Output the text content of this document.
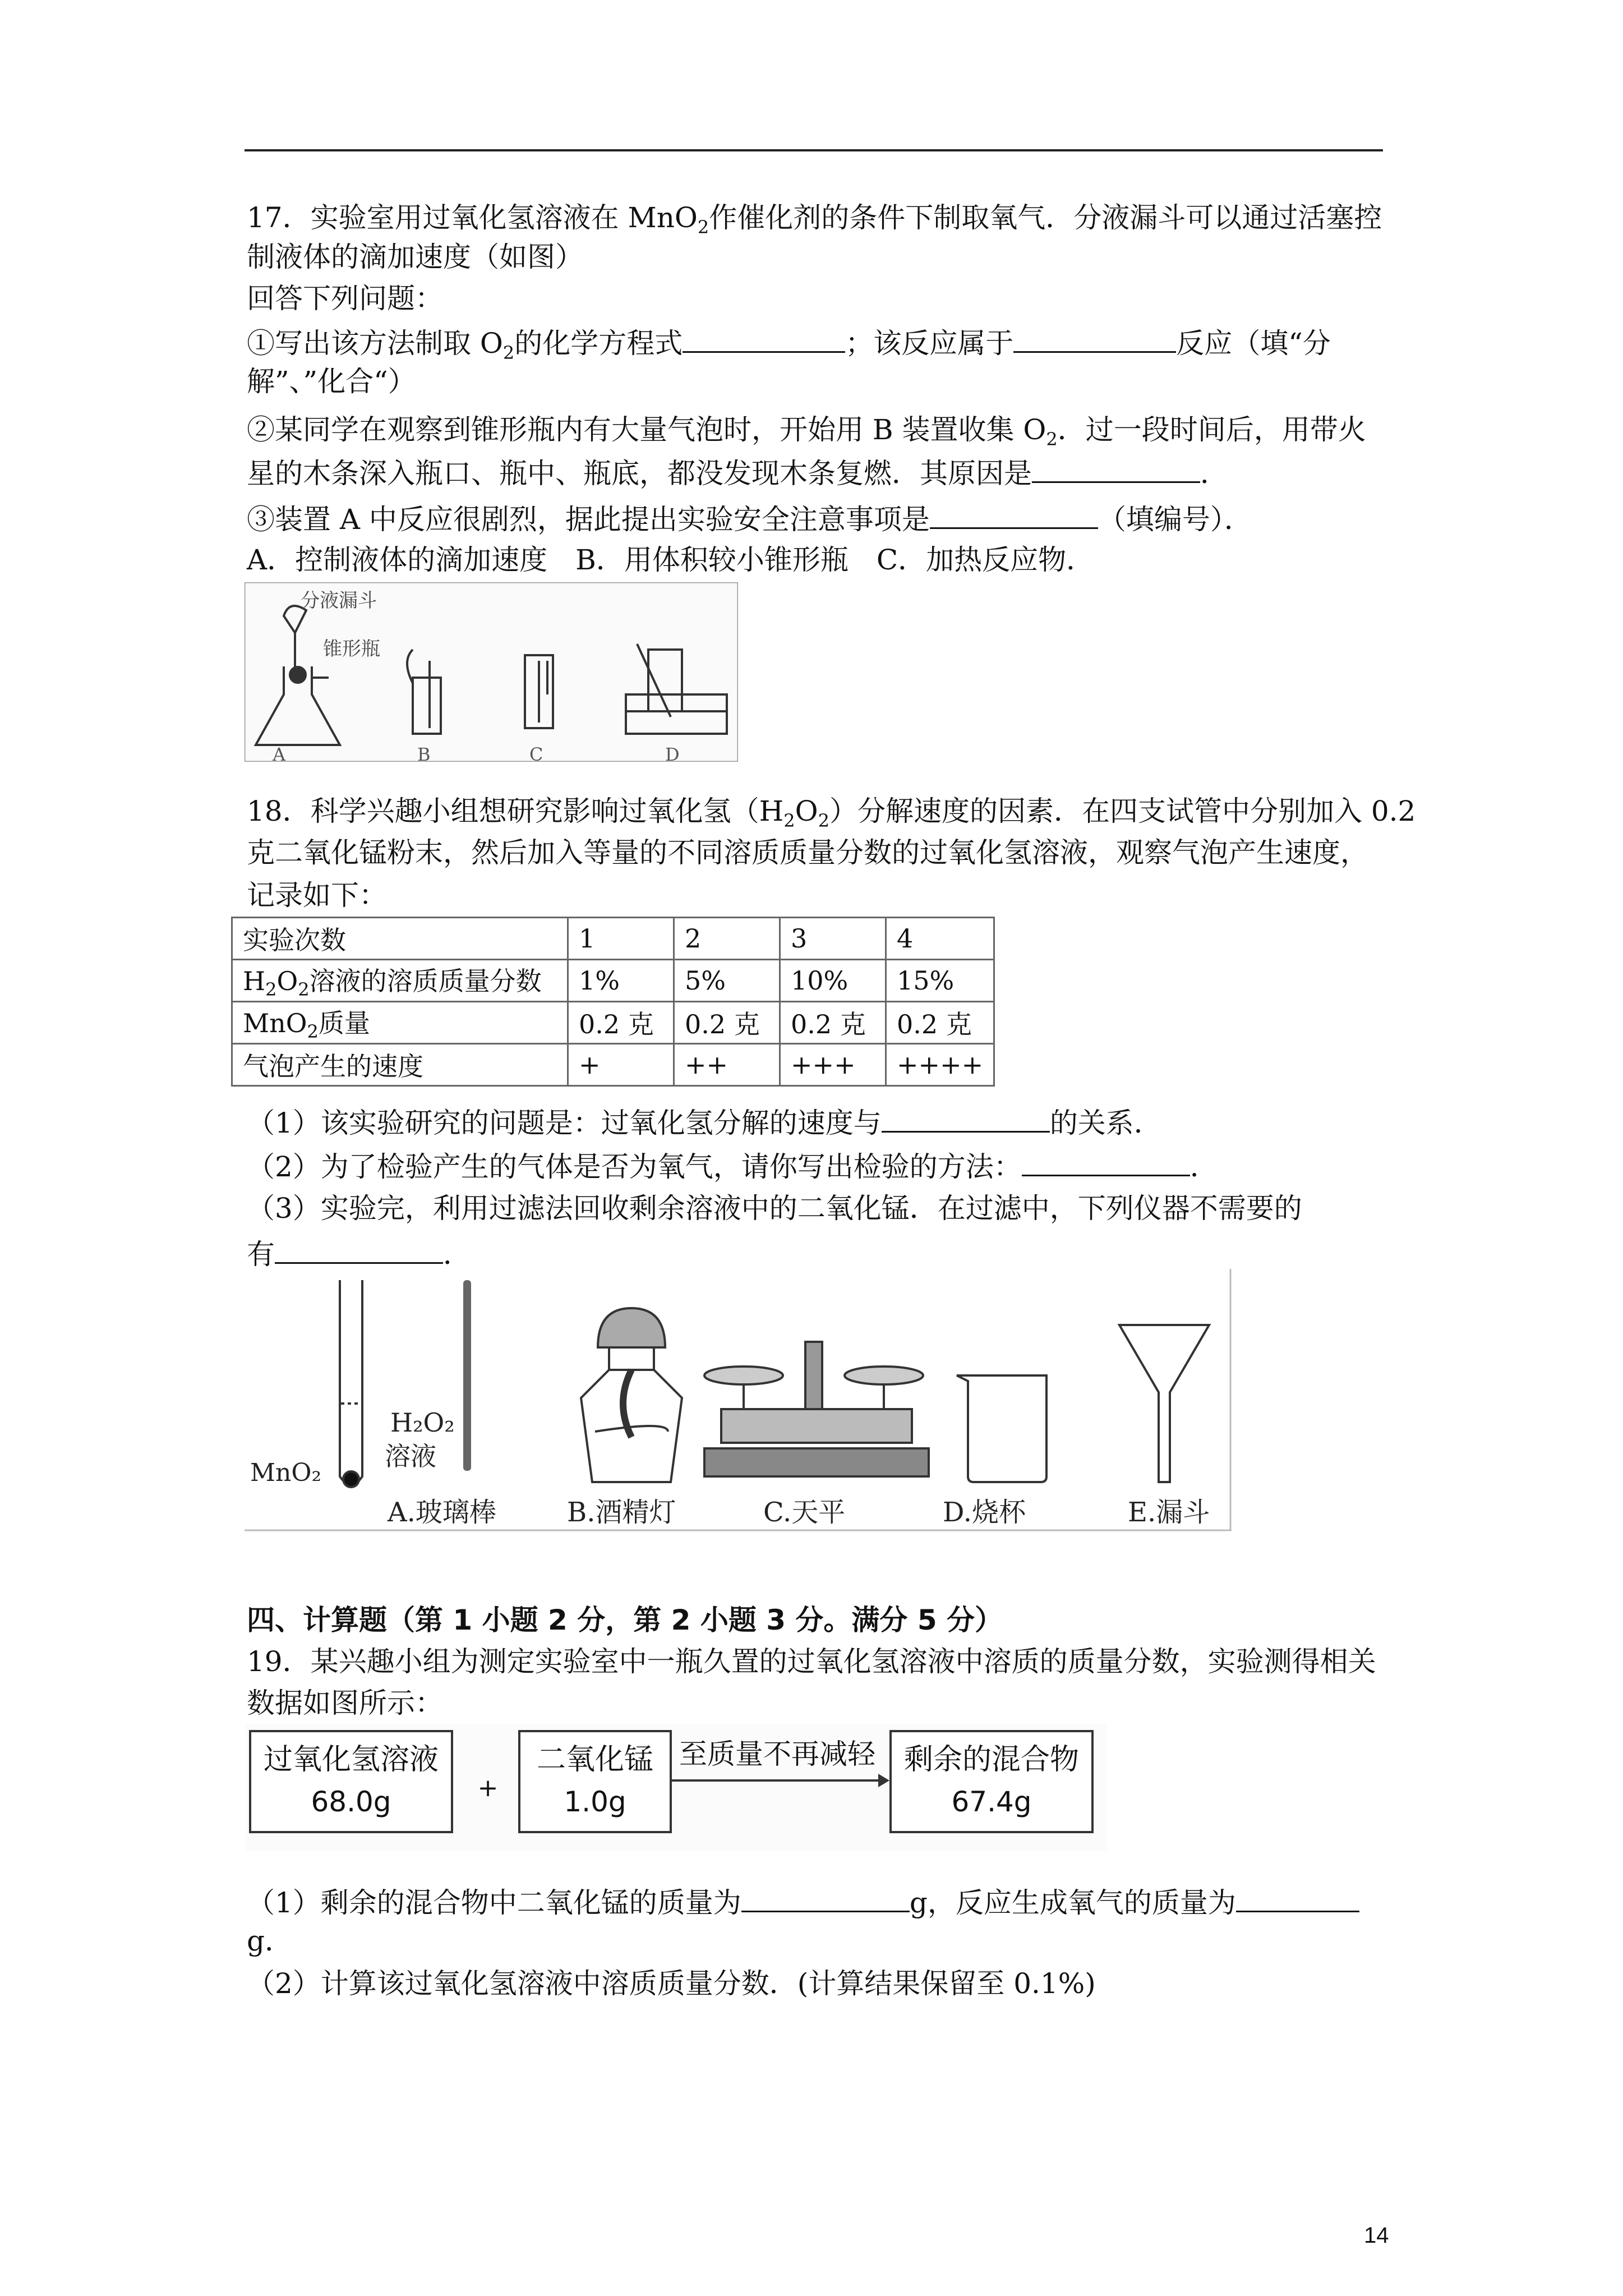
17．实验室用过氧化氢溶液在 MnO$_2$作催化剂的条件下制取氧气．分液漏斗可以通过活塞控
制液体的滴加速度（如图）
回答下列问题：
①写出该方法制取 $O_2$的化学方程式	；该反应属于	反应（填“分
解”、”化合“）
②某同学在观察到锥形瓶内有大量气泡时，开始用 B 装置收集 $O_2$．过一段时间后，用带火
星的木条深入瓶口、瓶中、瓶底，都没发现木条复燃．其原因是	．
③装置 A 中反应很剧烈，据此提出实验安全注意事项是	（填编号）．
A．控制液体的滴加速度　B．用体积较小锥形瓶　C．加热反应物．
分液漏斗
锥形瓶
A	B	C	D
18．科学兴趣小组想研究影响过氧化氢$(H_2O_2)$分解速度的因素．在四支试管中分别加入 0.2
克二氧化锰粉末，然后加入等量的不同溶质质量分数的过氧化氢溶液，观察气泡产生速度，
记录如下：
实验次数	1	2	3	4
$H_2O_2$溶液的溶质质量分数	1%	5%	10%	15%
MnO$_2$质量	0.2 克	0.2 克	0.2 克	0.2 克
气泡产生的速度	+	++	+++	++++
（1）该实验研究的问题是：过氧化氢分解的速度与	的关系．
（2）为了检验产生的气体是否为氧气，请你写出检验的方法：	．
（3）实验完，利用过滤法回收剩余溶液中的二氧化锰．在过滤中，下列仪器不需要的
有	．
H₂O₂
溶液
MnO₂
A.玻璃棒	B.酒精灯	C.天平	D.烧杯	E.漏斗
四、计算题（第 1 小题 2 分，第 2 小题 3 分。满分 5 分）
19．某兴趣小组为测定实验室中一瓶久置的过氧化氢溶液中溶质的质量分数，实验测得相关
数据如图所示：
过氧化氢溶液
68.0g	+
二氧化锰
1.0g
至质量不再减轻 剩余的混合物
67.4g
（1）剩余的混合物中二氧化锰的质量为	g，反应生成氧气的质量为
g．
（2）计算该过氧化氢溶液中溶质质量分数．(计算结果保留至 0.1%)
14
